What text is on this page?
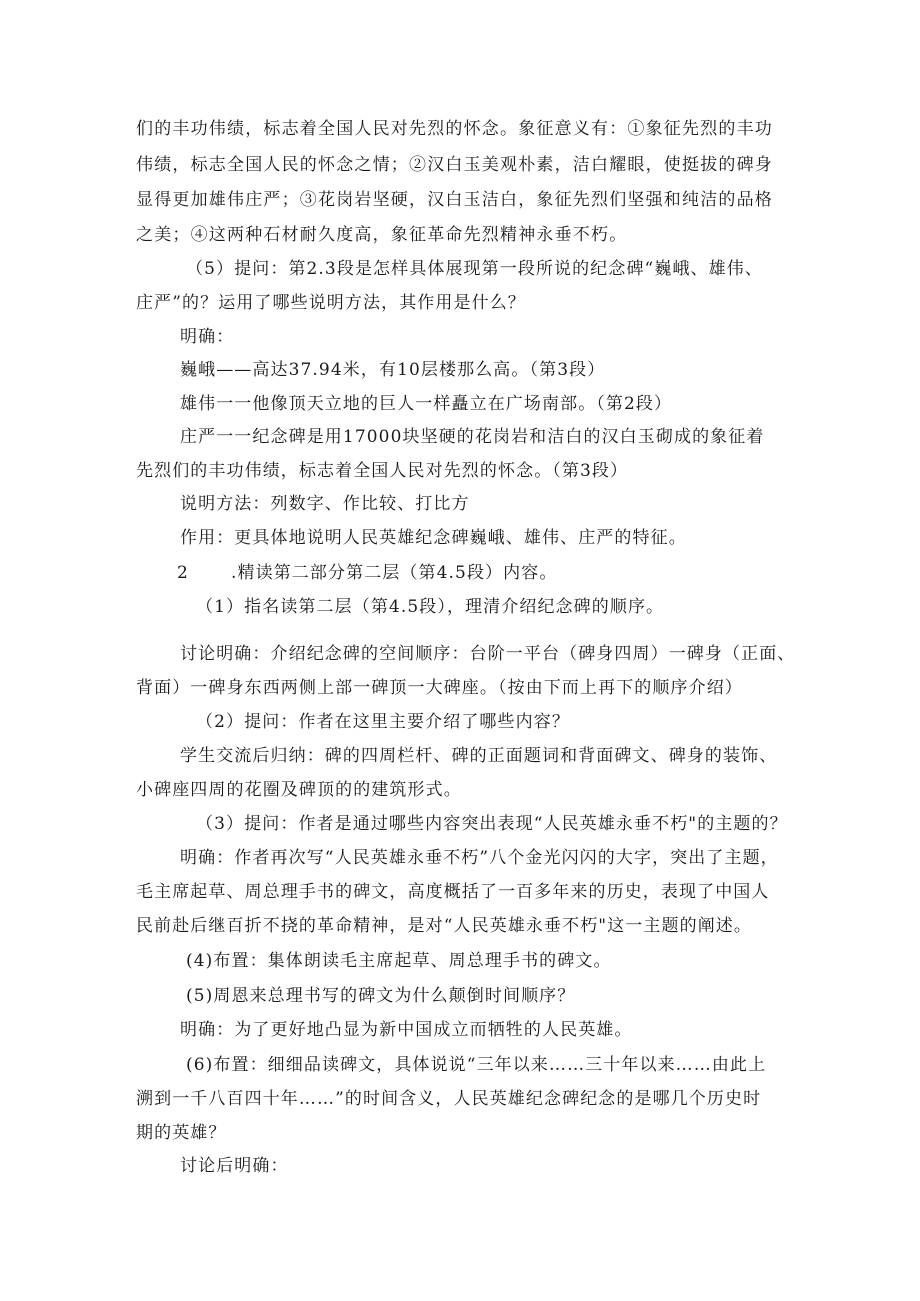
们的丰功伟绩，标志着全国人民对先烈的怀念。象征意义有：①象征先烈的丰功
伟绩，标志全国人民的怀念之情；②汉白玉美观朴素，洁白耀眼，使挺拔的碑身
显得更加雄伟庄严；③花岗岩坚硬，汉白玉洁白，象征先烈们坚强和纯洁的品格
之美；④这两种石材耐久度高，象征革命先烈精神永垂不朽。
（5）提问：第2.3段是怎样具体展现第一段所说的纪念碑“巍峨、雄伟、
庄严”的？运用了哪些说明方法，其作用是什么？
明确：
巍峨——高达37.94米，有10层楼那么高。（第3段）
雄伟一一他像顶天立地的巨人一样矗立在广场南部。（第2段）
庄严一一纪念碑是用17000块坚硬的花岗岩和洁白的汉白玉砌成的象征着
先烈们的丰功伟绩，标志着全国人民对先烈的怀念。（第3段）
说明方法：列数字、作比较、打比方
作用：更具体地说明人民英雄纪念碑巍峨、雄伟、庄严的特征。
2	.精读第二部分第二层（第4.5段）内容。
（1）指名读第二层（第4.5段），理清介绍纪念碑的顺序。
讨论明确：介绍纪念碑的空间顺序：台阶一平台（碑身四周）一碑身（正面、
背面）一碑身东西两侧上部一碑顶一大碑座。（按由下而上再下的顺序介绍）
（2）提问：作者在这里主要介绍了哪些内容？
学生交流后归纳：碑的四周栏杆、碑的正面题词和背面碑文、碑身的装饰、
小碑座四周的花圈及碑顶的的建筑形式。
（3）提问：作者是通过哪些内容突出表现“人民英雄永垂不朽"的主题的？
明确：作者再次写“人民英雄永垂不朽”八个金光闪闪的大字，突出了主题，
毛主席起草、周总理手书的碑文，高度概括了一百多年来的历史，表现了中国人
民前赴后继百折不挠的革命精神，是对“人民英雄永垂不朽"这一主题的阐述。
(4)布置：集体朗读毛主席起草、周总理手书的碑文。
(5)周恩来总理书写的碑文为什么颠倒时间顺序？
明确：为了更好地凸显为新中国成立而牺牲的人民英雄。
(6)布置：细细品读碑文，具体说说“三年以来……三十年以来……由此上
溯到一千八百四十年……”的时间含义，人民英雄纪念碑纪念的是哪几个历史时
期的英雄？
讨论后明确：
